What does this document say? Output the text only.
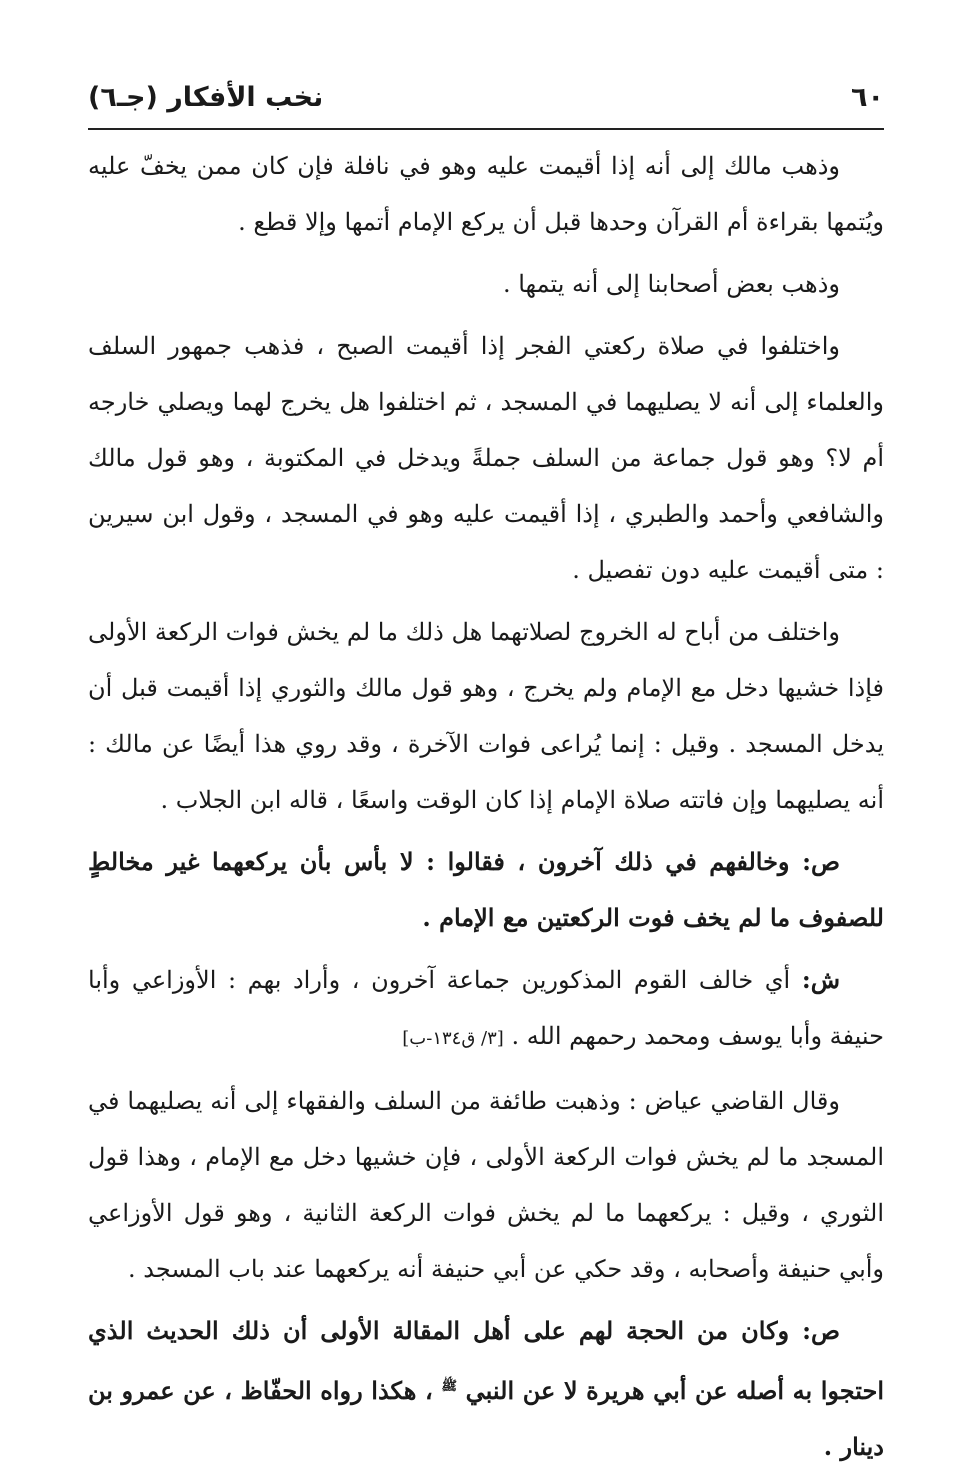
٦٠
نخب الأفكار (جـ٦)

وذهب مالك إلى أنه إذا أقيمت عليه وهو في نافلة فإن كان ممن يخفّ عليه ويُتمها بقراءة أم القرآن وحدها قبل أن يركع الإمام أتمها وإلا قطع .

وذهب بعض أصحابنا إلى أنه يتمها .

واختلفوا في صلاة ركعتي الفجر إذا أقيمت الصبح ، فذهب جمهور السلف والعلماء إلى أنه لا يصليهما في المسجد ، ثم اختلفوا هل يخرج لهما ويصلي خارجه أم لا؟ وهو قول جماعة من السلف جملةً ويدخل في المكتوبة ، وهو قول مالك والشافعي وأحمد والطبري ، إذا أقيمت عليه وهو في المسجد ، وقول ابن سيرين : متى أقيمت عليه دون تفصيل .

واختلف من أباح له الخروج لصلاتهما هل ذلك ما لم يخش فوات الركعة الأولى فإذا خشيها دخل مع الإمام ولم يخرج ، وهو قول مالك والثوري إذا أقيمت قبل أن يدخل المسجد . وقيل : إنما يُراعى فوات الآخرة ، وقد روي هذا أيضًا عن مالك : أنه يصليهما وإن فاتته صلاة الإمام إذا كان الوقت واسعًا ، قاله ابن الجلاب .

ص: وخالفهم في ذلك آخرون ، فقالوا : لا بأس بأن يركعهما غير مخالطٍ للصفوف ما لم يخف فوت الركعتين مع الإمام .

ش: أي خالف القوم المذكورين جماعة آخرون ، وأراد بهم : الأوزاعي وأبا حنيفة وأبا يوسف ومحمد رحمهم الله . [٣/ ق١٣٤-ب]

وقال القاضي عياض : وذهبت طائفة من السلف والفقهاء إلى أنه يصليهما في المسجد ما لم يخش فوات الركعة الأولى ، فإن خشيها دخل مع الإمام ، وهذا قول الثوري ، وقيل : يركعهما ما لم يخش فوات الركعة الثانية ، وهو قول الأوزاعي وأبي حنيفة وأصحابه ، وقد حكي عن أبي حنيفة أنه يركعهما عند باب المسجد .

ص: وكان من الحجة لهم على أهل المقالة الأولى أن ذلك الحديث الذي احتجوا به أصله عن أبي هريرة لا عن النبي $^ﷺ$ ، هكذا رواه الحفّاظ ، عن عمرو بن دينار .
